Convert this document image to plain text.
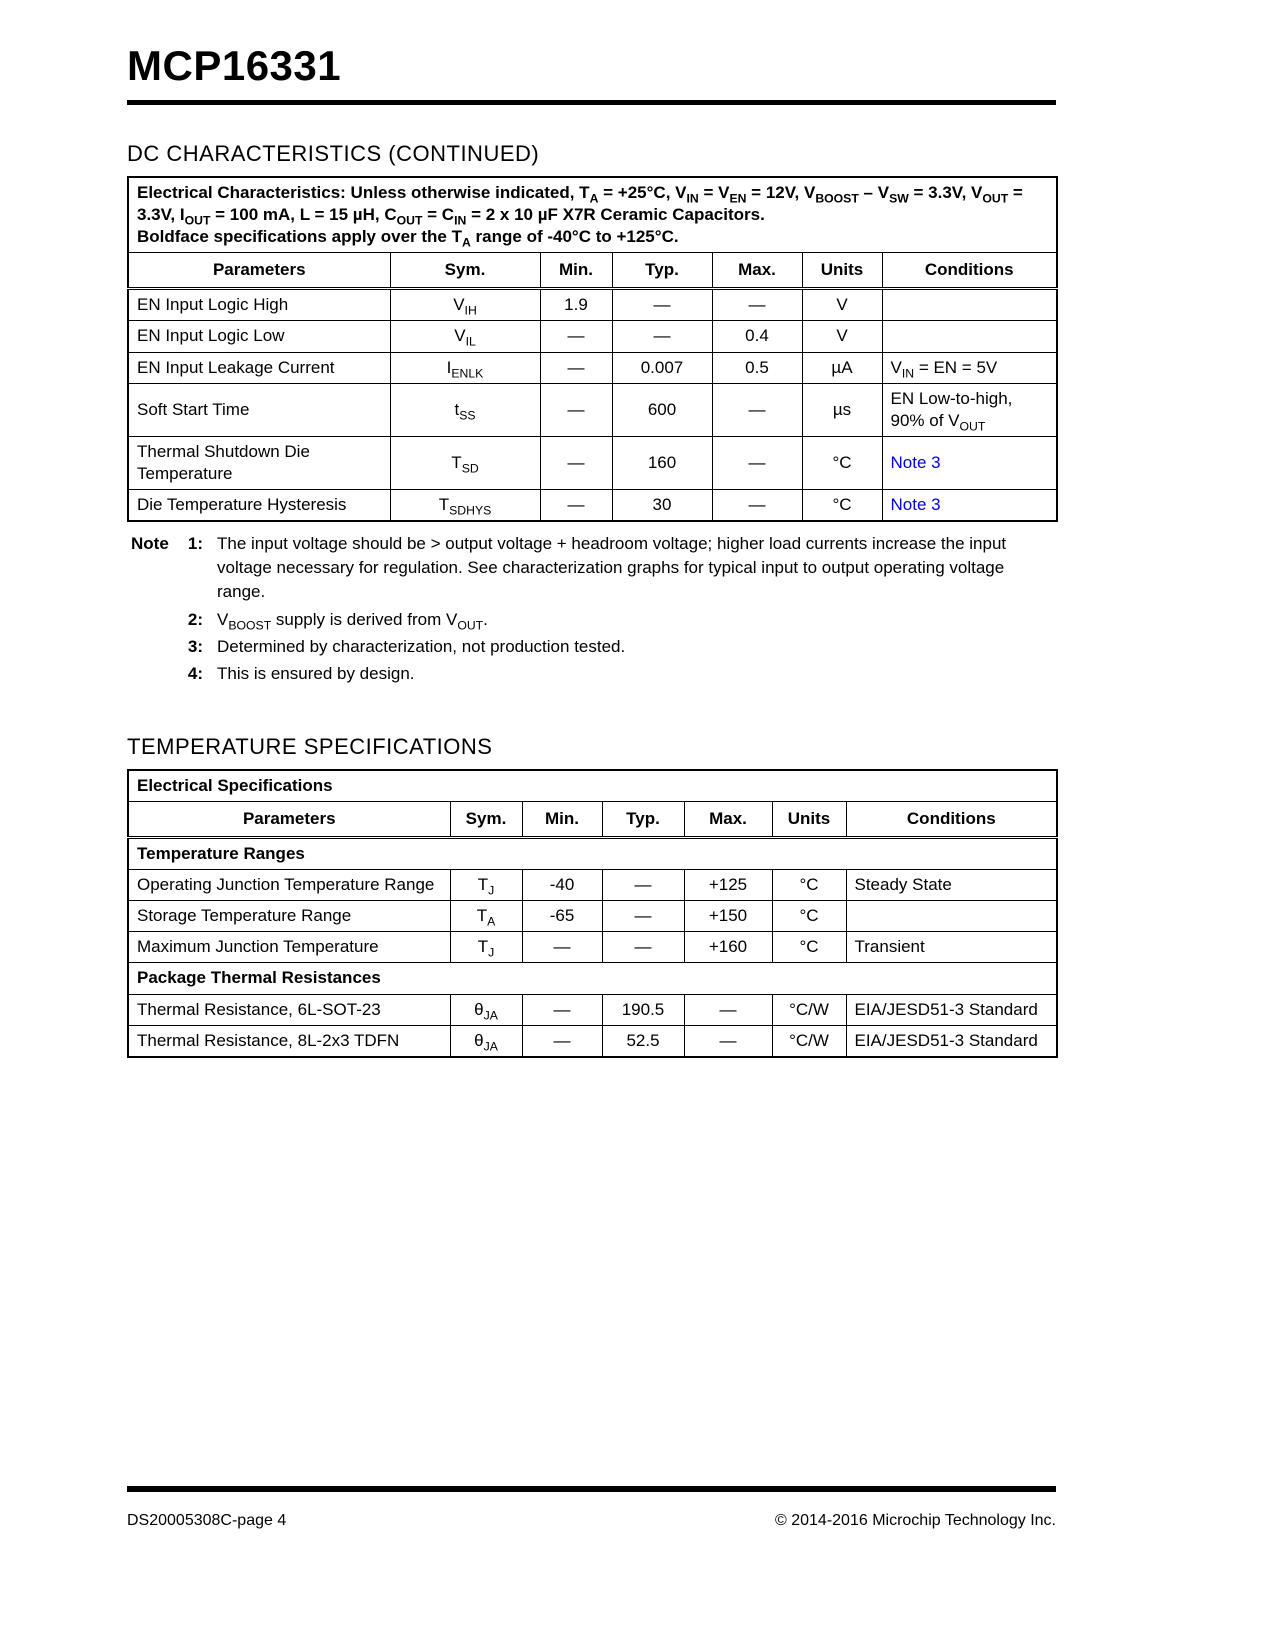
MCP16331
DC CHARACTERISTICS (CONTINUED)
Electrical Characteristics: Unless otherwise indicated, $T_A = +25^\circ C$, $V_{IN} = V_{EN} = 12V$, $V_{BOOST} - V_{SW} = 3.3V$, $V_{OUT} = 3.3V$, $I_{OUT} = 100$ mA, L = 15 µH, $C_{OUT} = C_{IN} = 2$ x 10 µF X7R Ceramic Capacitors.
Boldface specifications apply over the $T_A$ range of -40°C to +125°C.						

Parameters	Sym.	Min.	Typ.	Max.	Units	Conditions
EN Input Logic High	$V_{IH}$	1.9	—	—	V	
EN Input Logic Low	$V_{IL}$	—	—	0.4	V	
EN Input Leakage Current	$I_{ENLK}$	—	0.007	0.5	µA	$V_{IN}$ = EN = 5V
Soft Start Time	$t_{SS}$	—	600	—	µs	EN Low-to-high, 90% of $V_{OUT}$
Thermal Shutdown Die Temperature	$T_{SD}$	—	160	—	°C	Note 3
Die Temperature Hysteresis	$T_{SDHYS}$	—	30	—	°C	Note 3
Note 1: The input voltage should be > output voltage + headroom voltage; higher load currents increase the input voltage necessary for regulation. See characterization graphs for typical input to output operating voltage range.
2: $V_{BOOST}$ supply is derived from $V_{OUT}$.
3: Determined by characterization, not production tested.
4: This is ensured by design.
TEMPERATURE SPECIFICATIONS
Electrical Specifications						
Parameters	Sym.	Min.	Typ.	Max.	Units	Conditions
Temperature Ranges						
Operating Junction Temperature Range	$T_J$	-40	—	+125	°C	Steady State
Storage Temperature Range	$T_A$	-65	—	+150	°C	
Maximum Junction Temperature	$T_J$	—	—	+160	°C	Transient
Package Thermal Resistances						
Thermal Resistance, 6L-SOT-23	$\theta_{JA}$	—	190.5	—	°C/W	EIA/JESD51-3 Standard
Thermal Resistance, 8L-2x3 TDFN	$\theta_{JA}$	—	52.5	—	°C/W	EIA/JESD51-3 Standard
DS20005308C-page 4	© 2014-2016 Microchip Technology Inc.
